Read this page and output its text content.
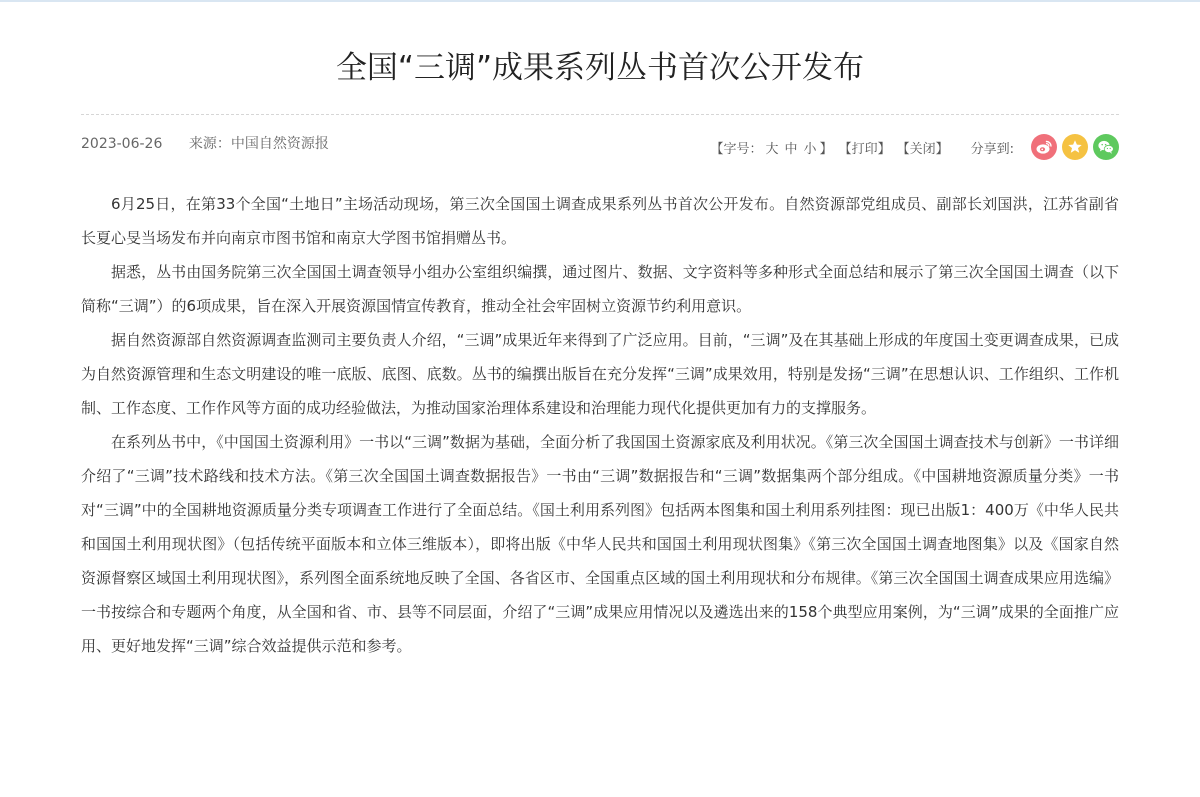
全国“三调”成果系列丛书首次公开发布
2023-06-26 来源：中国自然资源报	【字号： 大 中 小 】 【打印】 【关闭】 分享到:

6月25日，在第33个全国“土地日”主场活动现场，第三次全国国土调查成果系列丛书首次公开发布。自然资源部党组成员、副部长刘国洪，江苏省副省长夏心旻当场发布并向南京市图书馆和南京大学图书馆捐赠丛书。

据悉，丛书由国务院第三次全国国土调查领导小组办公室组织编撰，通过图片、数据、文字资料等多种形式全面总结和展示了第三次全国国土调查（以下简称“三调”）的6项成果，旨在深入开展资源国情宣传教育，推动全社会牢固树立资源节约利用意识。

据自然资源部自然资源调查监测司主要负责人介绍，“三调”成果近年来得到了广泛应用。目前，“三调”及在其基础上形成的年度国土变更调查成果，已成为自然资源管理和生态文明建设的唯一底版、底图、底数。丛书的编撰出版旨在充分发挥“三调”成果效用，特别是发扬“三调”在思想认识、工作组织、工作机制、工作态度、工作作风等方面的成功经验做法，为推动国家治理体系建设和治理能力现代化提供更加有力的支撑服务。

在系列丛书中，《中国国土资源利用》一书以“三调”数据为基础，全面分析了我国国土资源家底及利用状况。《第三次全国国土调查技术与创新》一书详细介绍了“三调”技术路线和技术方法。《第三次全国国土调查数据报告》一书由“三调”数据报告和“三调”数据集两个部分组成。《中国耕地资源质量分类》一书对“三调”中的全国耕地资源质量分类专项调查工作进行了全面总结。《国土利用系列图》包括两本图集和国土利用系列挂图：现已出版1：400万《中华人民共和国国土利用现状图》（包括传统平面版本和立体三维版本），即将出版《中华人民共和国国土利用现状图集》《第三次全国国土调查地图集》以及《国家自然资源督察区域国土利用现状图》，系列图全面系统地反映了全国、各省区市、全国重点区域的国土利用现状和分布规律。《第三次全国国土调查成果应用选编》一书按综合和专题两个角度，从全国和省、市、县等不同层面，介绍了“三调”成果应用情况以及遴选出来的158个典型应用案例，为“三调”成果的全面推广应用、更好地发挥“三调”综合效益提供示范和参考。
